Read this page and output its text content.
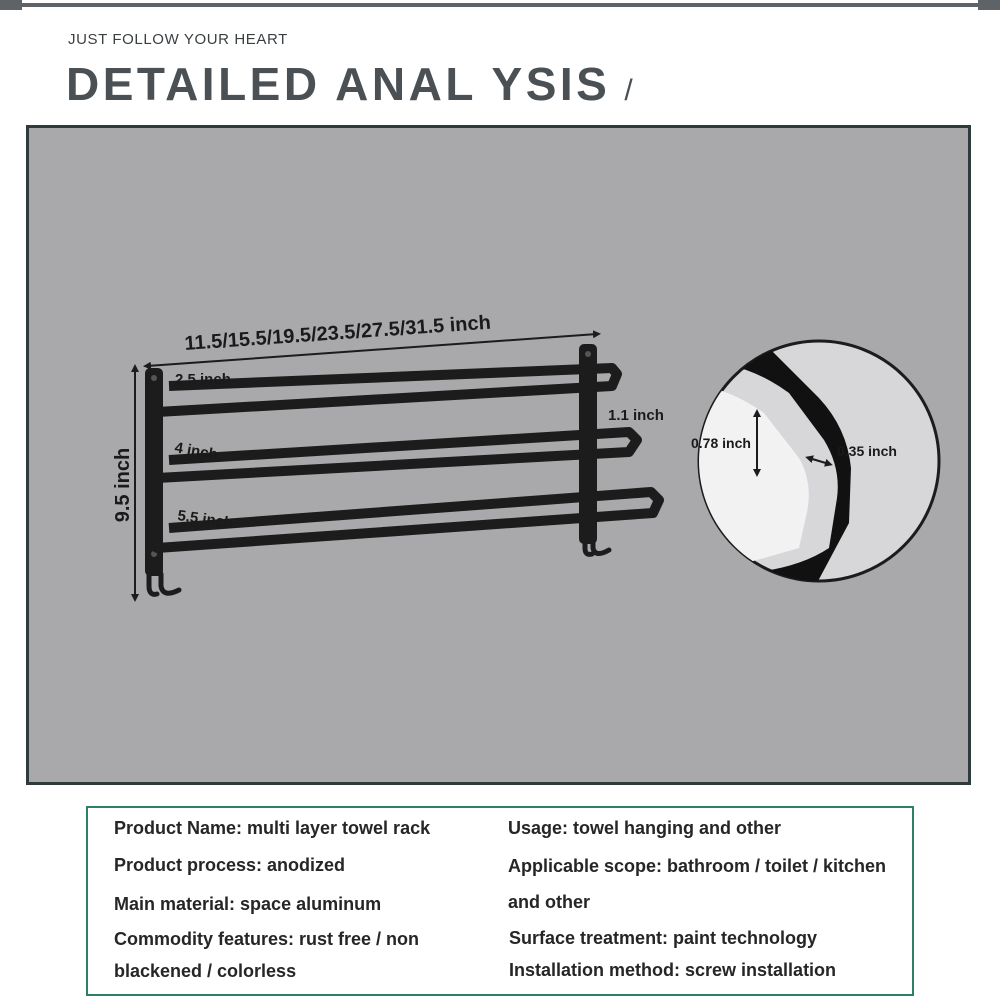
JUST FOLLOW YOUR HEART
DETAILED ANAL YSIS /
11.5/15.5/19.5/23.5/27.5/31.5 inch
9.5 inch
2.5 inch
4 inch
5.5 inch
1.1 inch
0.78 inch	0.35 inch
Product Name: multi layer towel rack
Product process: anodized
Main material: space aluminum
Commodity features: rust free / non
blackened / colorless
Usage: towel hanging and other
Applicable scope: bathroom / toilet / kitchen
and other
Surface treatment: paint technology
Installation method: screw installation
